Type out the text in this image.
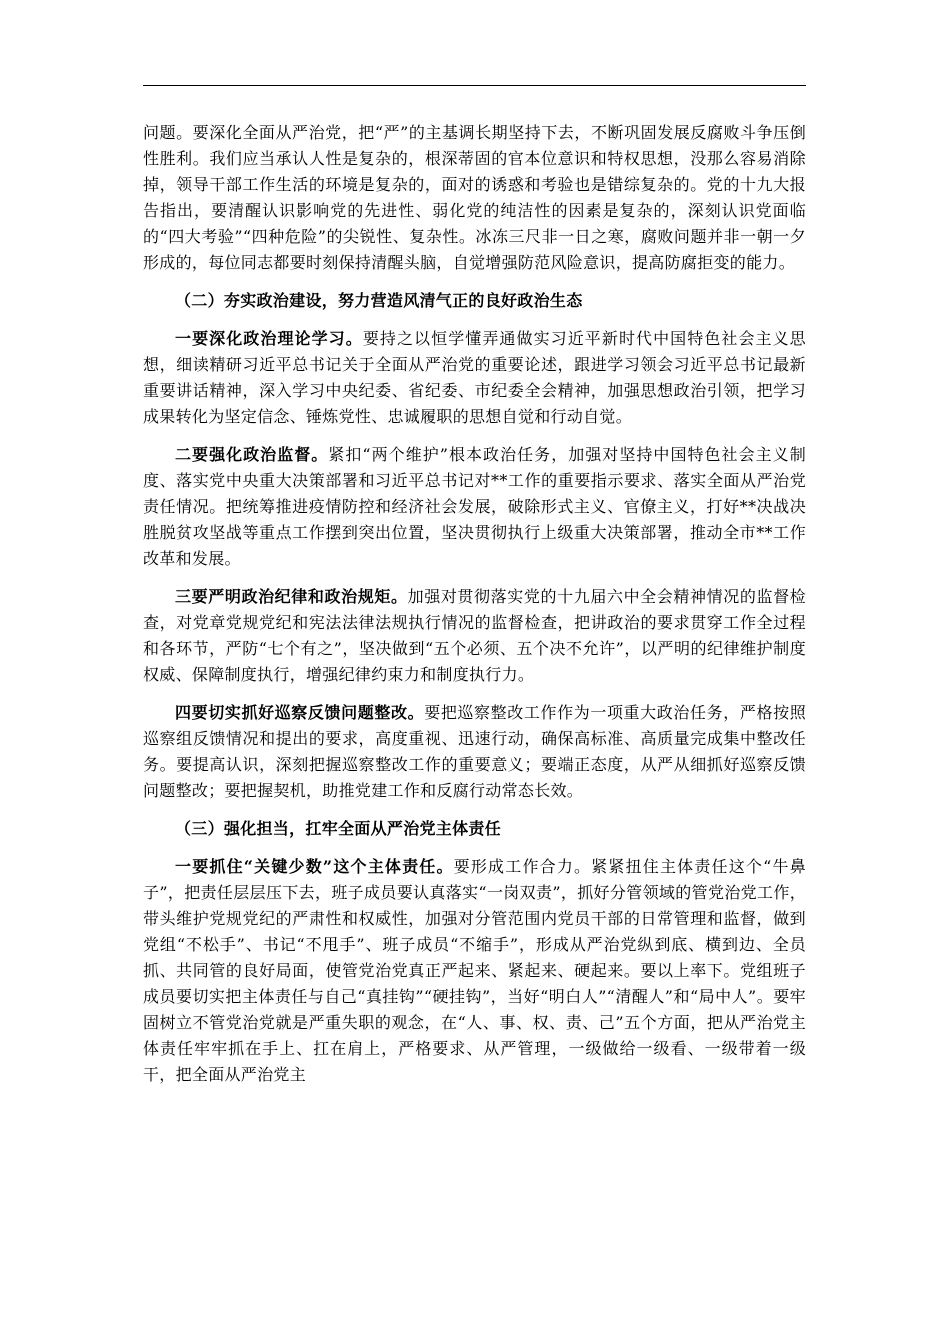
问题。要深化全面从严治党，把“严”的主基调长期坚持下去，不断巩固发展反腐败斗争压倒性胜利。我们应当承认人性是复杂的，根深蒂固的官本位意识和特权思想，没那么容易消除掉，领导干部工作生活的环境是复杂的，面对的诱惑和考验也是错综复杂的。党的十九大报告指出，要清醒认识影响党的先进性、弱化党的纯洁性的因素是复杂的，深刻认识党面临的“四大考验”“四种危险”的尖锐性、复杂性。冰冻三尺非一日之寒，腐败问题并非一朝一夕形成的，每位同志都要时刻保持清醒头脑，自觉增强防范风险意识，提高防腐拒变的能力。

（二）夯实政治建设，努力营造风清气正的良好政治生态

一要深化政治理论学习。要持之以恒学懂弄通做实习近平新时代中国特色社会主义思想，细读精研习近平总书记关于全面从严治党的重要论述，跟进学习领会习近平总书记最新重要讲话精神，深入学习中央纪委、省纪委、市纪委全会精神，加强思想政治引领，把学习成果转化为坚定信念、锤炼党性、忠诚履职的思想自觉和行动自觉。

二要强化政治监督。紧扣“两个维护”根本政治任务，加强对坚持中国特色社会主义制度、落实党中央重大决策部署和习近平总书记对**工作的重要指示要求、落实全面从严治党责任情况。把统筹推进疫情防控和经济社会发展，破除形式主义、官僚主义，打好**决战决胜脱贫攻坚战等重点工作摆到突出位置，坚决贯彻执行上级重大决策部署，推动全市**工作改革和发展。

三要严明政治纪律和政治规矩。加强对贯彻落实党的十九届六中全会精神情况的监督检查，对党章党规党纪和宪法法律法规执行情况的监督检查，把讲政治的要求贯穿工作全过程和各环节，严防“七个有之”，坚决做到“五个必须、五个决不允许”，以严明的纪律维护制度权威、保障制度执行，增强纪律约束力和制度执行力。

四要切实抓好巡察反馈问题整改。要把巡察整改工作作为一项重大政治任务，严格按照巡察组反馈情况和提出的要求，高度重视、迅速行动，确保高标准、高质量完成集中整改任务。要提高认识，深刻把握巡察整改工作的重要意义；要端正态度，从严从细抓好巡察反馈问题整改；要把握契机，助推党建工作和反腐行动常态长效。

（三）强化担当，扛牢全面从严治党主体责任

一要抓住“关键少数”这个主体责任。要形成工作合力。紧紧扭住主体责任这个“牛鼻子”，把责任层层压下去，班子成员要认真落实“一岗双责”，抓好分管领域的管党治党工作，带头维护党规党纪的严肃性和权威性，加强对分管范围内党员干部的日常管理和监督，做到党组“不松手”、书记“不甩手”、班子成员“不缩手”，形成从严治党纵到底、横到边、全员抓、共同管的良好局面，使管党治党真正严起来、紧起来、硬起来。要以上率下。党组班子成员要切实把主体责任与自己“真挂钩”“硬挂钩”，当好“明白人”“清醒人”和“局中人”。要牢固树立不管党治党就是严重失职的观念，在“人、事、权、责、己”五个方面，把从严治党主体责任牢牢抓在手上、扛在肩上，严格要求、从严管理，一级做给一级看、一级带着一级干，把全面从严治党主
